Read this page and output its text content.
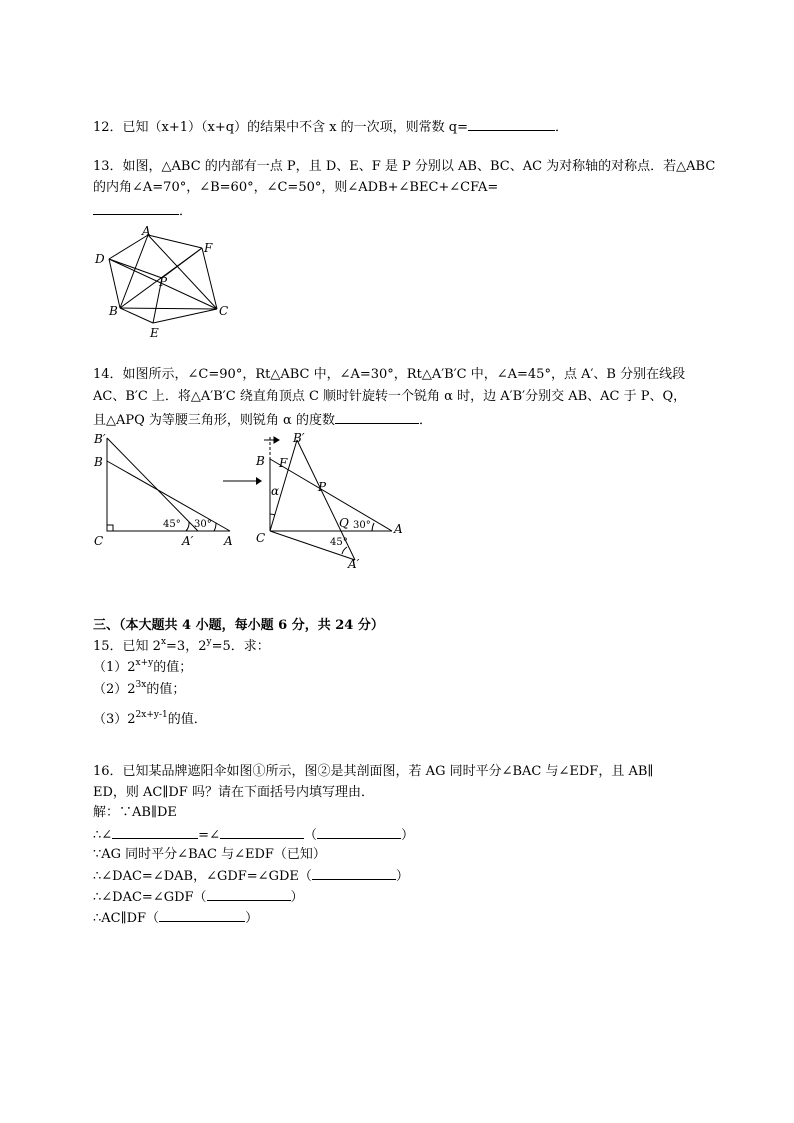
12．已知（x+1）（x+q）的结果中不含 x 的一次项，则常数 q=	．
13．如图，△ABC 的内部有一点 P，且 D、E、F 是 P 分别以 AB、BC、AC 为对称轴的对称点．若△ABC
的内角∠A=70°，∠B=60°，∠C=50°，则∠ADB+∠BEC+∠CFA=
．
A
D
F
P
B	C
E
14．如图所示，∠C=90°，Rt△ABC 中，∠A=30°，Rt△A′B′C 中，∠A=45°，点 A′、B 分别在线段
AC、B′C 上．将△A′B′C 绕直角顶点 C 顺时针旋转一个锐角 α 时，边 A′B′分别交 AB、AC 于 P、Q，
且△APQ 为等腰三角形，则锐角 α 的度数	．
B′
B
C	A′	A
45° 30°
B′
B F
α	P
Q 30° A
C	45°
A′
三、（本大题共 4 小题，每小题 6 分，共 24 分）
15．已知 $2^x=3$，$2^y=5$．求：
$(1)2^{x+y}$的值；
$(2)2^{3x}$的值；
$(3)2^{2x+y-1}$的值．
16．已知某品牌遮阳伞如图①所示，图②是其剖面图，若 AG 同时平分∠BAC 与∠EDF，且 AB∥
ED，则 AC∥DF 吗？请在下面括号内填写理由．
解：∵AB∥DE
∴∠	=∠	（	）
∵AG 同时平分∠BAC 与∠EDF（已知）
∴∠DAC=∠DAB，∠GDF=∠GDE（	）
∴∠DAC=∠GDF（	）
∴AC∥DF（	）
